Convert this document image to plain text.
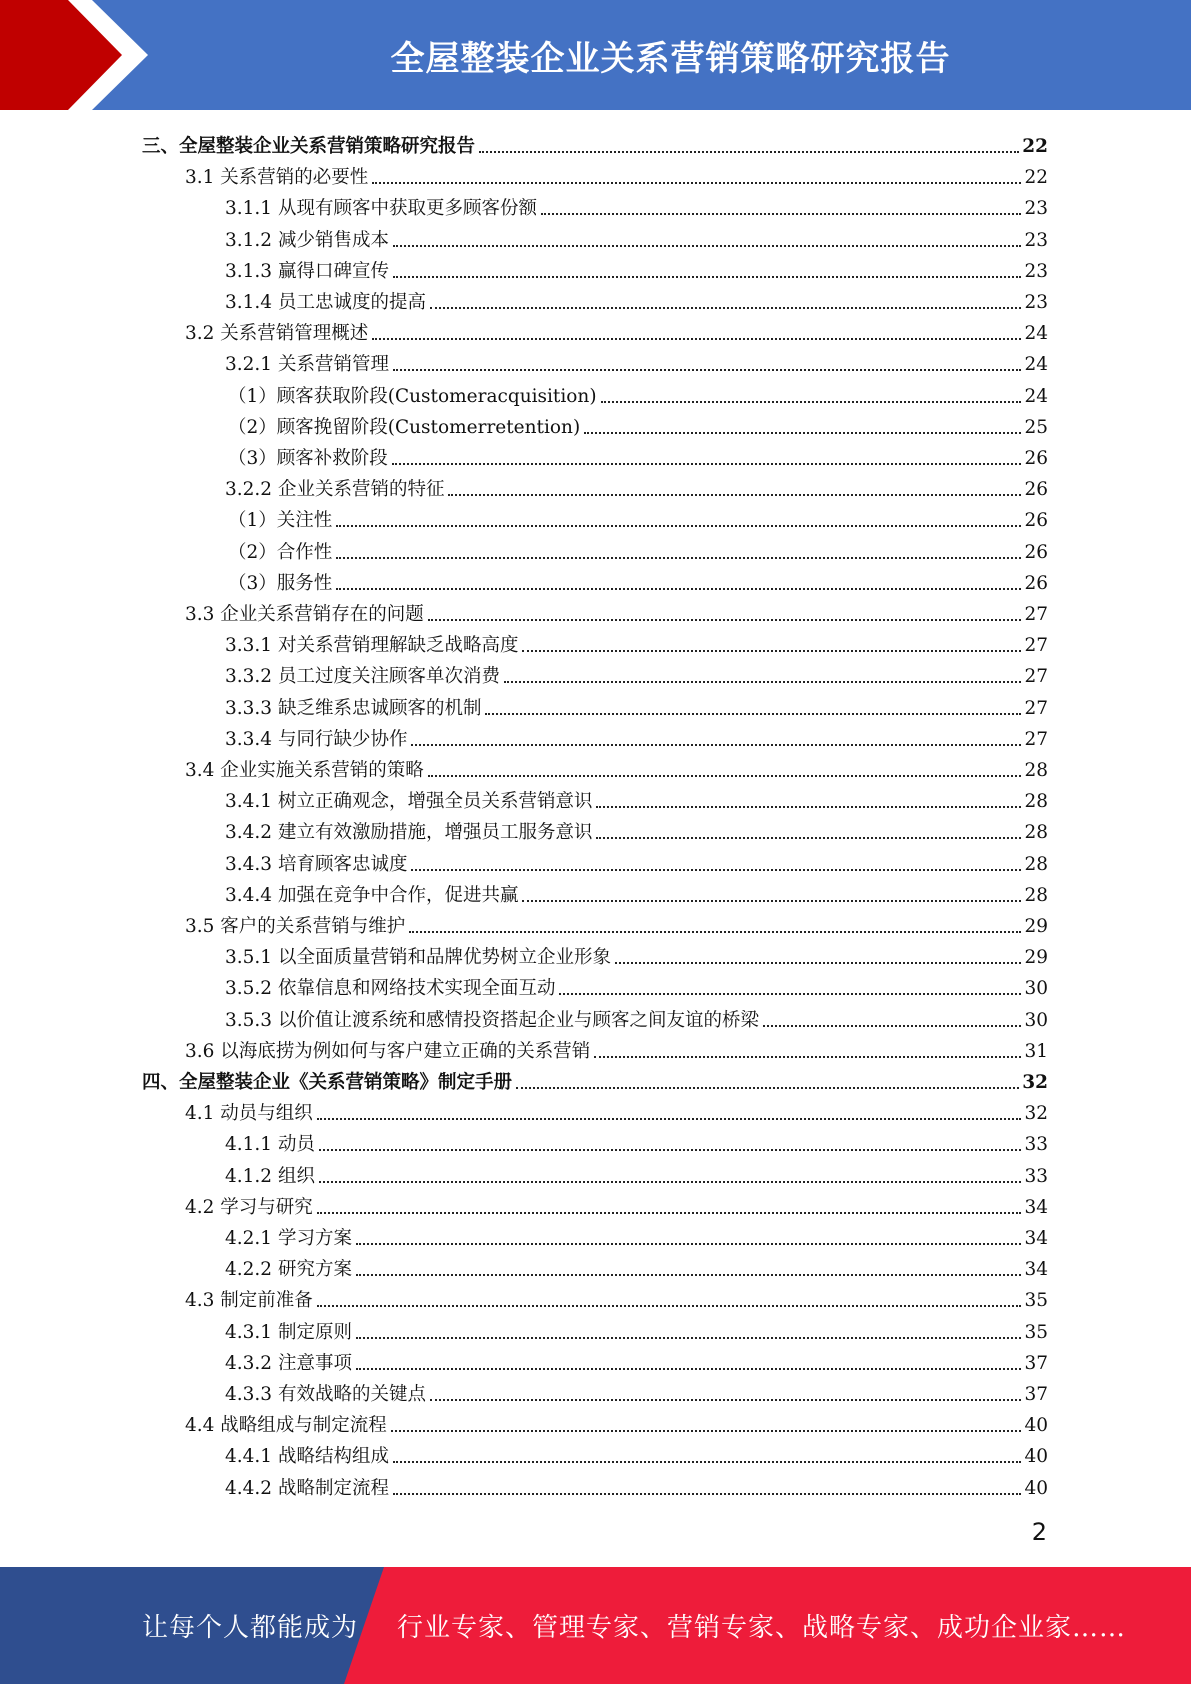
全屋整装企业关系营销策略研究报告
三、全屋整装企业关系营销策略研究报告	22
3.1 关系营销的必要性	22
3.1.1 从现有顾客中获取更多顾客份额	23
3.1.2 减少销售成本	23
3.1.3 赢得口碑宣传	23
3.1.4 员工忠诚度的提高	23
3.2 关系营销管理概述	24
3.2.1 关系营销管理	24
（1）顾客获取阶段(Customeracquisition)	24
（2）顾客挽留阶段(Customerretention)	25
（3）顾客补救阶段	26
3.2.2 企业关系营销的特征	26
（1）关注性	26
（2）合作性	26
（3）服务性	26
3.3 企业关系营销存在的问题	27
3.3.1 对关系营销理解缺乏战略高度	27
3.3.2 员工过度关注顾客单次消费	27
3.3.3 缺乏维系忠诚顾客的机制	27
3.3.4 与同行缺少协作	27
3.4 企业实施关系营销的策略	28
3.4.1 树立正确观念，增强全员关系营销意识	28
3.4.2 建立有效激励措施，增强员工服务意识	28
3.4.3 培育顾客忠诚度	28
3.4.4 加强在竞争中合作，促进共赢	28
3.5 客户的关系营销与维护	29
3.5.1 以全面质量营销和品牌优势树立企业形象	29
3.5.2 依靠信息和网络技术实现全面互动	30
3.5.3 以价值让渡系统和感情投资搭起企业与顾客之间友谊的桥梁	30
3.6 以海底捞为例如何与客户建立正确的关系营销	31
四、全屋整装企业《关系营销策略》制定手册	32
4.1 动员与组织	32
4.1.1 动员	33
4.1.2 组织	33
4.2 学习与研究	34
4.2.1 学习方案	34
4.2.2 研究方案	34
4.3 制定前准备	35
4.3.1 制定原则	35
4.3.2 注意事项	37
4.3.3 有效战略的关键点	37
4.4 战略组成与制定流程	40
4.4.1 战略结构组成	40
4.4.2 战略制定流程	40
2
让每个人都能成为 行业专家、管理专家、营销专家、战略专家、成功企业家……
